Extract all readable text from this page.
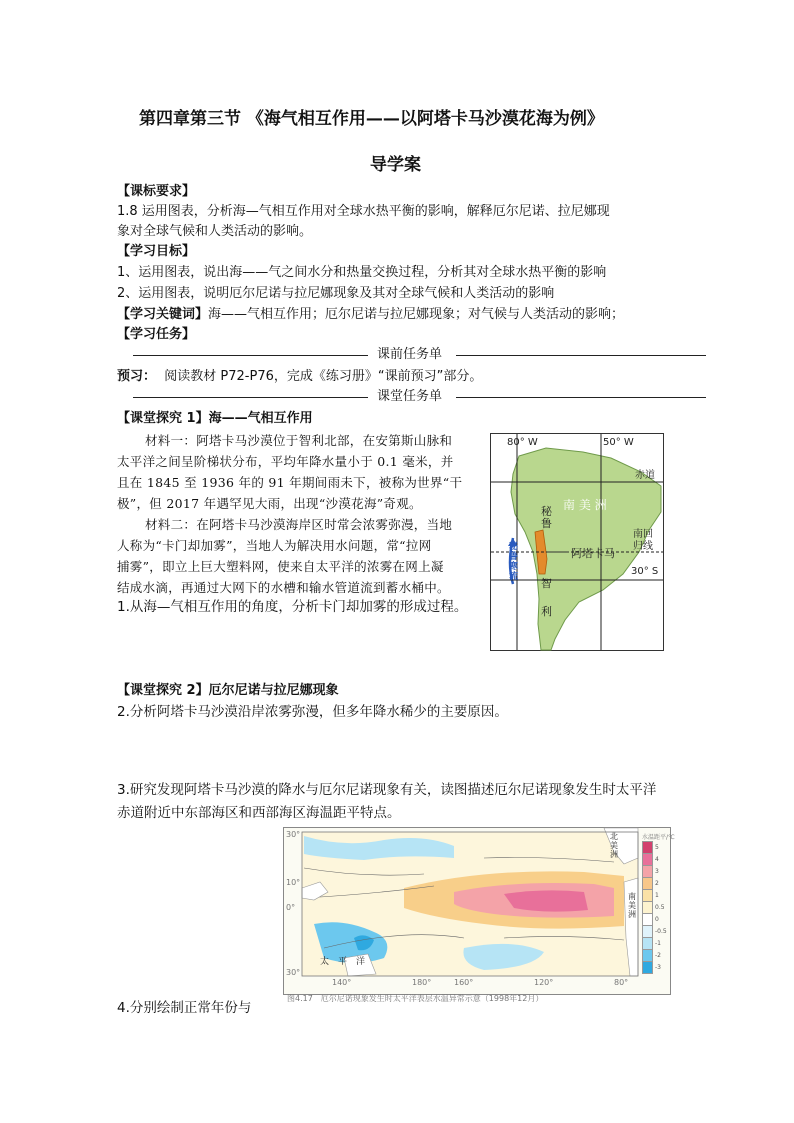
第四章第三节 《海气相互作用——以阿塔卡马沙漠花海为例》
导学案
【课标要求】
1.8 运用图表，分析海—气相互作用对全球水热平衡的影响，解释厄尔尼诺、拉尼娜现
象对全球气候和人类活动的影响。
【学习目标】
1、运用图表，说出海——气之间水分和热量交换过程，分析其对全球水热平衡的影响
2、运用图表，说明厄尔尼诺与拉尼娜现象及其对全球气候和人类活动的影响
【学习关键词】海——气相互作用；厄尔尼诺与拉尼娜现象；对气候与人类活动的影响；
【学习任务】
课前任务单
预习： 阅读教材 P72-P76，完成《练习册》“课前预习”部分。
课堂任务单
【课堂探究 1】海——气相互作用
材料一：阿塔卡马沙漠位于智利北部，在安第斯山脉和
太平洋之间呈阶梯状分布，平均年降水量小于 0.1 毫米，并
且在 1845 至 1936 年的 91 年期间雨未下，被称为世界“干
极”，但 2017 年遇罕见大雨，出现“沙漠花海”奇观。
材料二：在阿塔卡马沙漠海岸区时常会浓雾弥漫，当地
人称为“卡门却加雾”，当地人为解决用水问题，常“拉网
捕雾”，即立上巨大塑料网，使来自太平洋的浓雾在网上凝
结成水滴，再通过大网下的水槽和输水管道流到蓄水桶中。
1.从海—气相互作用的角度，分析卡门却加雾的形成过程。
80° W	50° W
赤道
南 美 洲
秘
鲁
秘鲁寒流
阿塔卡马
南回
归线
30° S
智
利
【课堂探究 2】厄尔尼诺与拉尼娜现象
2.分析阿塔卡马沙漠沿岸浓雾弥漫，但多年降水稀少的主要原因。
3.研究发现阿塔卡马沙漠的降水与厄尔尼诺现象有关，读图描述厄尔尼诺现象发生时太平洋
赤道附近中东部海区和西部海区海温距平特点。
30°
10°
0°
30°
140°	180°	160°	120°	80°
北
美
洲
南
美
洲
太　平　洋
水温距平/℃
5
4
3
2
1
0.5
0
-0.5
-1
-2
-3
图4.17　厄尔尼诺现象发生时太平洋表层水温异常示意（1998年12月）
4.分别绘制正常年份与
